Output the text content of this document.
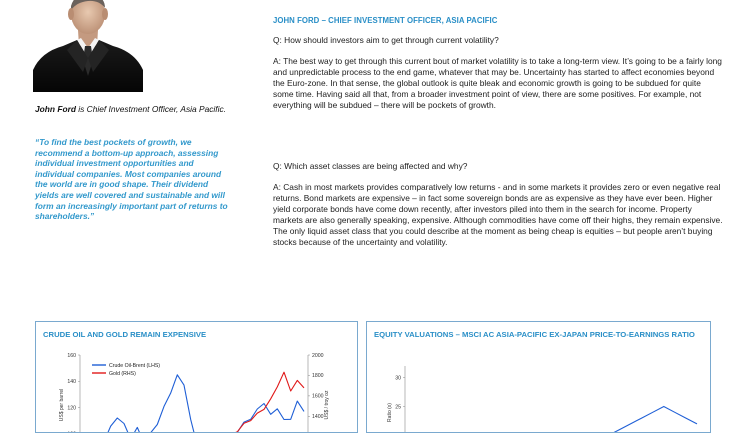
John Ford is Chief Investment Officer, Asia Pacific.
“To find the best pockets of growth, we recommend a bottom-up approach, assessing individual investment opportunities and individual companies. Most companies around the world are in good shape. Their dividend yields are well covered and sustainable and will form an increasingly important part of returns to shareholders.”
JOHN FORD – CHIEF INVESTMENT OFFICER, ASIA PACIFIC
Q: How should investors aim to get through current volatility?
A: The best way to get through this current bout of market volatility is to take a long-term view. It’s going to be a fairly long and unpredictable process to the end game, whatever that may be. Uncertainty has started to affect economies beyond the Euro-zone. In that sense, the global outlook is quite bleak and economic growth is going to be subdued for quite some time. Having said all that, from a broader investment point of view, there are some positives. For example, not everything will be subdued – there will be pockets of growth.
Q: Which asset classes are being affected and why?
A: Cash in most markets provides comparatively low returns - and in some markets it provides zero or even negative real returns. Bond markets are expensive – in fact some sovereign bonds are as expensive as they have ever been. Higher yield corporate bonds have come down recently, after investors piled into them in the search for income. Property markets are also generally speaking, expensive. Although commodities have come off their highs, they remain expensive. The only liquid asset class that you could describe at the moment as being cheap is equities – but people aren’t buying stocks because of the uncertainty and volatility.
CRUDE OIL AND GOLD REMAIN EXPENSIVE
120
140
160
1400
1600
1800
2000
US$ per barrel	US$ / troy oz
Crude Oil-Brent (LHS)
Gold (RHS)
EQUITY VALUATIONS – MSCI AC ASIA-PACIFIC EX-JAPAN PRICE-TO-EARNINGS RATIO
25
30
Ratio (x)
